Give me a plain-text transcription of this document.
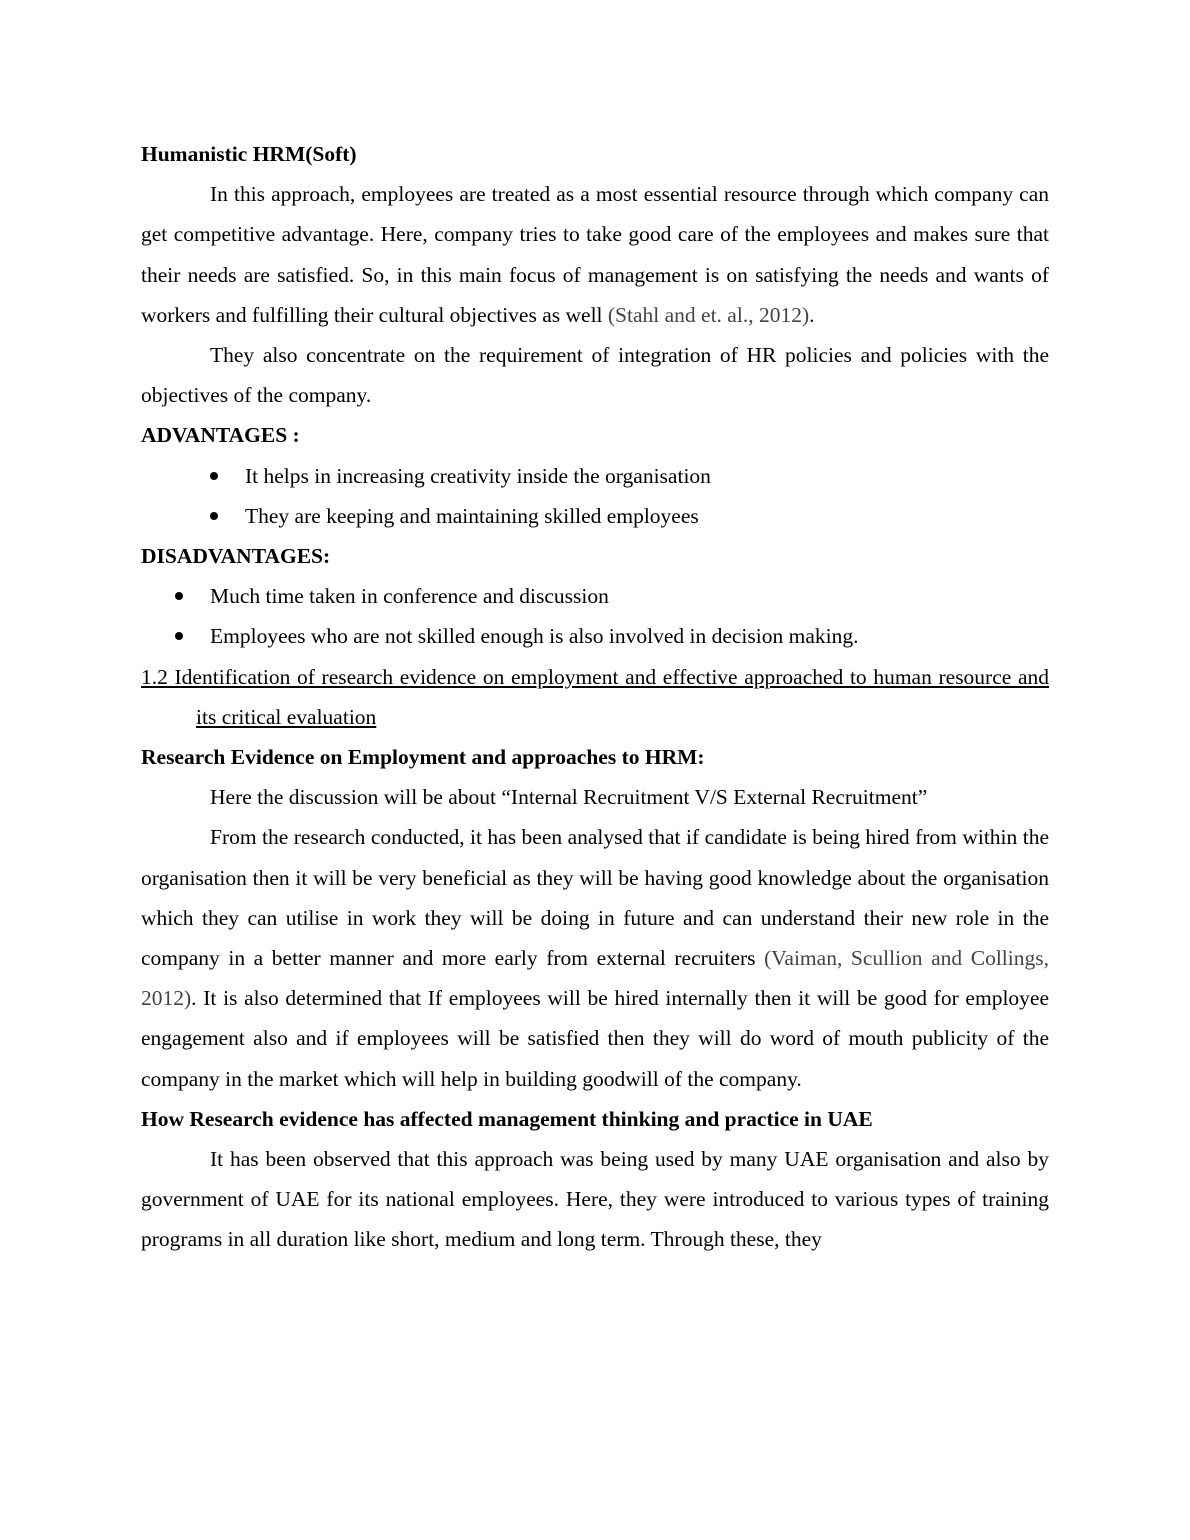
Humanistic HRM(Soft)

In this approach, employees are treated as a most essential resource through which company can get competitive advantage. Here, company tries to take good care of the employees and makes sure that their needs are satisfied. So, in this main focus of management is on satisfying the needs and wants of workers and fulfilling their cultural objectives as well (Stahl and et. al., 2012).

They also concentrate on the requirement of integration of HR policies and policies with the objectives of the company.

ADVANTAGES :

It helps in increasing creativity inside the organisation
They are keeping and maintaining skilled employees

DISADVANTAGES:

Much time taken in conference and discussion
Employees who are not skilled enough is also involved in decision making.

1.2 Identification of research evidence on employment and effective approached to human resource and its critical evaluation

Research Evidence on Employment and approaches to HRM:

Here the discussion will be about “Internal Recruitment V/S External Recruitment”

From the research conducted, it has been analysed that if candidate is being hired from within the organisation then it will be very beneficial as they will be having good knowledge about the organisation which they can utilise in work they will be doing in future and can understand their new role in the company in a better manner and more early from external recruiters (Vaiman, Scullion and Collings, 2012). It is also determined that If employees will be hired internally then it will be good for employee engagement also and if employees will be satisfied then they will do word of mouth publicity of the company in the market which will help in building goodwill of the company.

How Research evidence has affected management thinking and practice in UAE

It has been observed that this approach was being used by many UAE organisation and also by government of UAE for its national employees. Here, they were introduced to various types of training programs in all duration like short, medium and long term. Through these, they
